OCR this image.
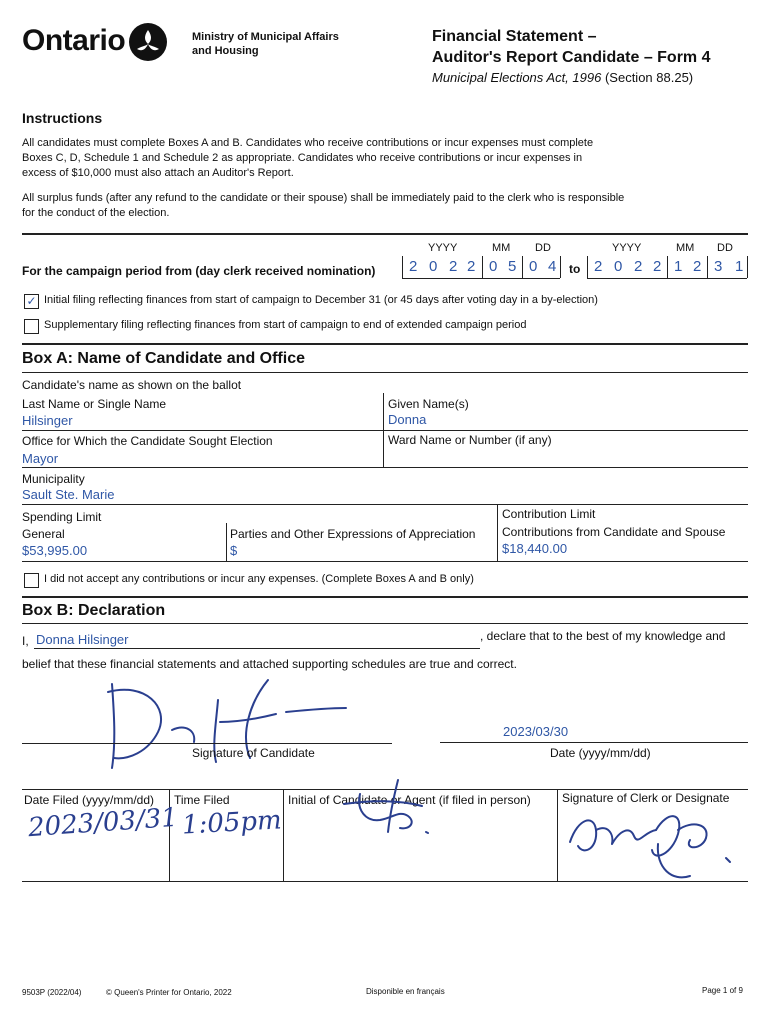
Ontario	Ministry of Municipal Affairs
and Housing
Financial Statement –
Auditor's Report Candidate – Form 4
Municipal Elections Act, 1996 (Section 88.25)
Instructions
All candidates must complete Boxes A and B. Candidates who receive contributions or incur expenses must complete
Boxes C, D, Schedule 1 and Schedule 2 as appropriate. Candidates who receive contributions or incur expenses in
excess of $10,000 must also attach an Auditor's Report.
All surplus funds (after any refund to the candidate or their spouse) shall be immediately paid to the clerk who is responsible
for the conduct of the election.
YYYY	MM DD	YYYY	MM DD
For the campaign period from (day clerk received nomination)	to
2 0 2 2 0 5 0 4	2 0 2 2 1 2 3 1
✓ Initial filing reflecting finances from start of campaign to December 31 (or 45 days after voting day in a by-election)
Supplementary filing reflecting finances from start of campaign to end of extended campaign period
Box A: Name of Candidate and Office
Candidate's name as shown on the ballot
Last Name or Single Name
Hilsinger
Given Name(s)
Donna
Office for Which the Candidate Sought Election
Mayor
Ward Name or Number (if any)
Municipality
Sault Ste. Marie
Spending Limit
General
$53,995.00
Parties and Other Expressions of Appreciation
$
Contribution Limit
Contributions from Candidate and Spouse
$18,440.00
I did not accept any contributions or incur any expenses. (Complete Boxes A and B only)
Box B: Declaration
I, Donna Hilsinger	, declare that to the best of my knowledge and
belief that these financial statements and attached supporting schedules are true and correct.
Signature of Candidate
2023/03/30
Date (yyyy/mm/dd)
Date Filed (yyyy/mm/dd) Time Filed	Initial of Candidate or Agent (if filed in person)	Signature of Clerk or Designate
2023/03/31 1:05pm
9503P (2022/04)	© Queen's Printer for Ontario, 2022	Disponible en français	Page 1 of 9
